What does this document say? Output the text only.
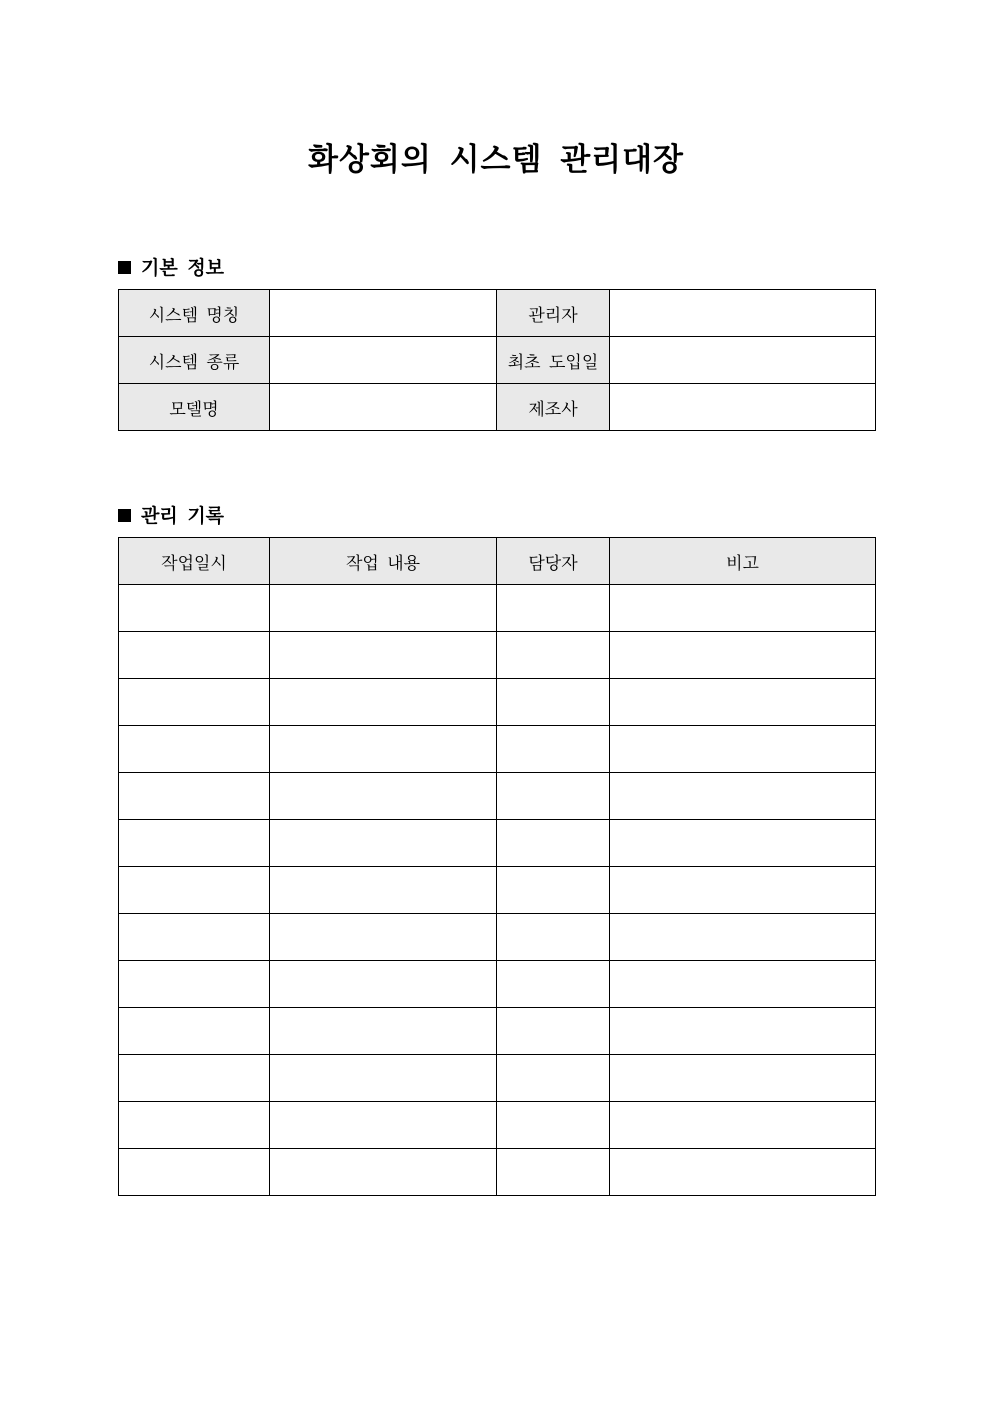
화상회의 시스템 관리대장
기본 정보
시스템 명칭		관리자	
시스템 종류		최초 도입일	
모델명		제조사	
관리 기록
작업일시	작업 내용	담당자	비고
